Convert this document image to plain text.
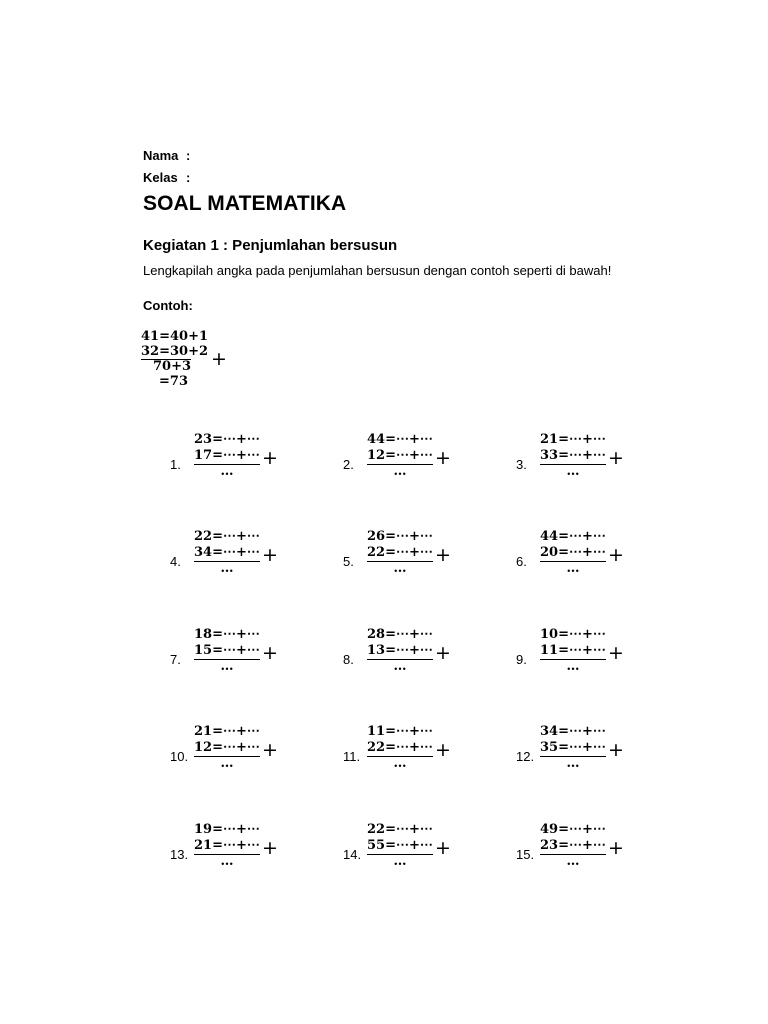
Nama :
Kelas :
SOAL MATEMATIKA
Kegiatan 1 : Penjumlahan bersusun
Lengkapilah angka pada penjumlahan bersusun dengan contoh seperti di bawah!
Contoh:
41=40+1
32=30+2
70+3
=73
+
1.
23=⋯+⋯
17=⋯+⋯
…
+	2.
44=⋯+⋯
12=⋯+⋯
…
+	3.
21=⋯+⋯
33=⋯+⋯
…
+
4.
22=⋯+⋯
34=⋯+⋯
…
+	5.
26=⋯+⋯
22=⋯+⋯
…
+	6.
44=⋯+⋯
20=⋯+⋯
…
+
7.
18=⋯+⋯
15=⋯+⋯
…
+	8.
28=⋯+⋯
13=⋯+⋯
…
+	9.
10=⋯+⋯
11=⋯+⋯
…
+
10.
21=⋯+⋯
12=⋯+⋯
…
+	11.
11=⋯+⋯
22=⋯+⋯
…
+	12.
34=⋯+⋯
35=⋯+⋯
…
+
13.
19=⋯+⋯
21=⋯+⋯
…
+	14.
22=⋯+⋯
55=⋯+⋯
…
+	15.
49=⋯+⋯
23=⋯+⋯
…
+
